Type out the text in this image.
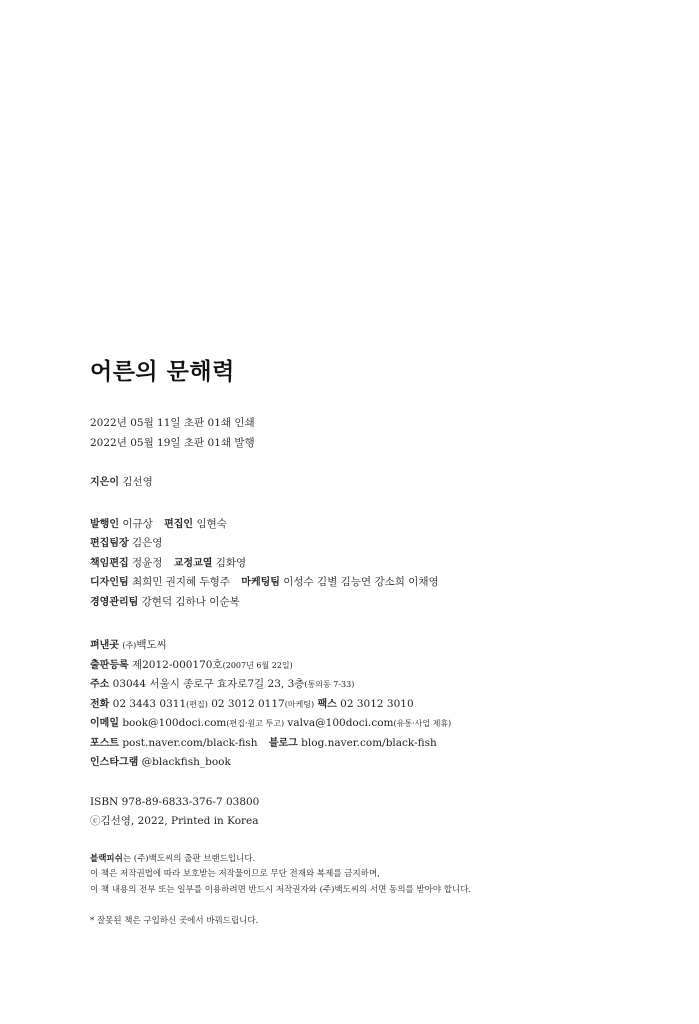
어른의 문해력
2022년 05월 11일 초판 01쇄 인쇄
2022년 05월 19일 초판 01쇄 발행
지은이 김선영
발행인 이규상 편집인 임현숙
편집팀장 김은영
책임편집 정윤정 교정교열 김화영
디자인팀 최희민 권지혜 두형주 마케팅팀 이성수 김별 김능연 강소희 이채영
경영관리팀 강현덕 김하나 이순복
펴낸곳 (주)백도씨
출판등록 제2012-000170호(2007년 6월 22일)
주소 03044 서울시 종로구 효자로7길 23, 3층(통의동 7-33)
전화 02 3443 0311(편집) 02 3012 0117(마케팅) 팩스 02 3012 3010
이메일 book@100doci.com(편집·원고 투고) valva@100doci.com(유통·사업 제휴)
포스트 post.naver.com/black-fish 블로그 blog.naver.com/black-fish
인스타그램 @blackfish_book
ISBN 978-89-6833-376-7 03800
ⓒ김선영, 2022, Printed in Korea
블랙피쉬는 (주)백도씨의 출판 브랜드입니다.
이 책은 저작권법에 따라 보호받는 저작물이므로 무단 전재와 복제를 금지하며,
이 책 내용의 전부 또는 일부를 이용하려면 반드시 저작권자와 (주)백도씨의 서면 동의를 받아야 합니다.
* 잘못된 책은 구입하신 곳에서 바꿔드립니다.
